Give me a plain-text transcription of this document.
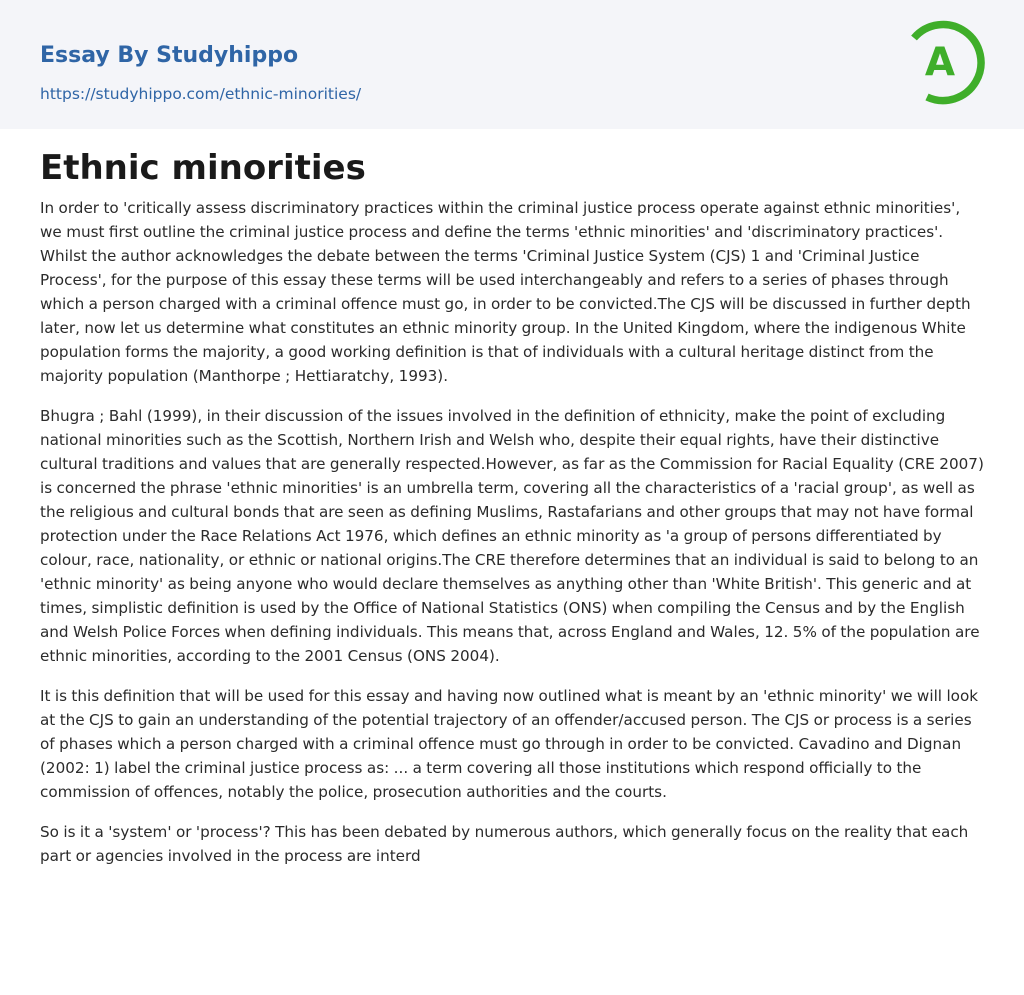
Essay By Studyhippo
https://studyhippo.com/ethnic-minorities/
A
Ethnic minorities

In order to 'critically assess discriminatory practices within the criminal justice process operate against ethnic minorities', we must first outline the criminal justice process and define the terms 'ethnic minorities' and 'discriminatory practices'. Whilst the author acknowledges the debate between the terms 'Criminal Justice System (CJS) 1 and 'Criminal Justice Process', for the purpose of this essay these terms will be used interchangeably and refers to a series of phases through which a person charged with a criminal offence must go, in order to be convicted.The CJS will be discussed in further depth later, now let us determine what constitutes an ethnic minority group. In the United Kingdom, where the indigenous White population forms the majority, a good working definition is that of individuals with a cultural heritage distinct from the majority population (Manthorpe ; Hettiaratchy, 1993).

Bhugra ; Bahl (1999), in their discussion of the issues involved in the definition of ethnicity, make the point of excluding national minorities such as the Scottish, Northern Irish and Welsh who, despite their equal rights, have their distinctive cultural traditions and values that are generally respected.However, as far as the Commission for Racial Equality (CRE 2007) is concerned the phrase 'ethnic minorities' is an umbrella term, covering all the characteristics of a 'racial group', as well as the religious and cultural bonds that are seen as defining Muslims, Rastafarians and other groups that may not have formal protection under the Race Relations Act 1976, which defines an ethnic minority as 'a group of persons differentiated by colour, race, nationality, or ethnic or national origins.The CRE therefore determines that an individual is said to belong to an 'ethnic minority' as being anyone who would declare themselves as anything other than 'White British'. This generic and at times, simplistic definition is used by the Office of National Statistics (ONS) when compiling the Census and by the English and Welsh Police Forces when defining individuals. This means that, across England and Wales, 12. 5% of the population are ethnic minorities, according to the 2001 Census (ONS 2004).

It is this definition that will be used for this essay and having now outlined what is meant by an 'ethnic minority' we will look at the CJS to gain an understanding of the potential trajectory of an offender/accused person. The CJS or process is a series of phases which a person charged with a criminal offence must go through in order to be convicted. Cavadino and Dignan (2002: 1) label the criminal justice process as: ... a term covering all those institutions which respond officially to the commission of offences, notably the police, prosecution authorities and the courts.

So is it a 'system' or 'process'? This has been debated by numerous authors, which generally focus on the reality that each part or agencies involved in the process are interd
